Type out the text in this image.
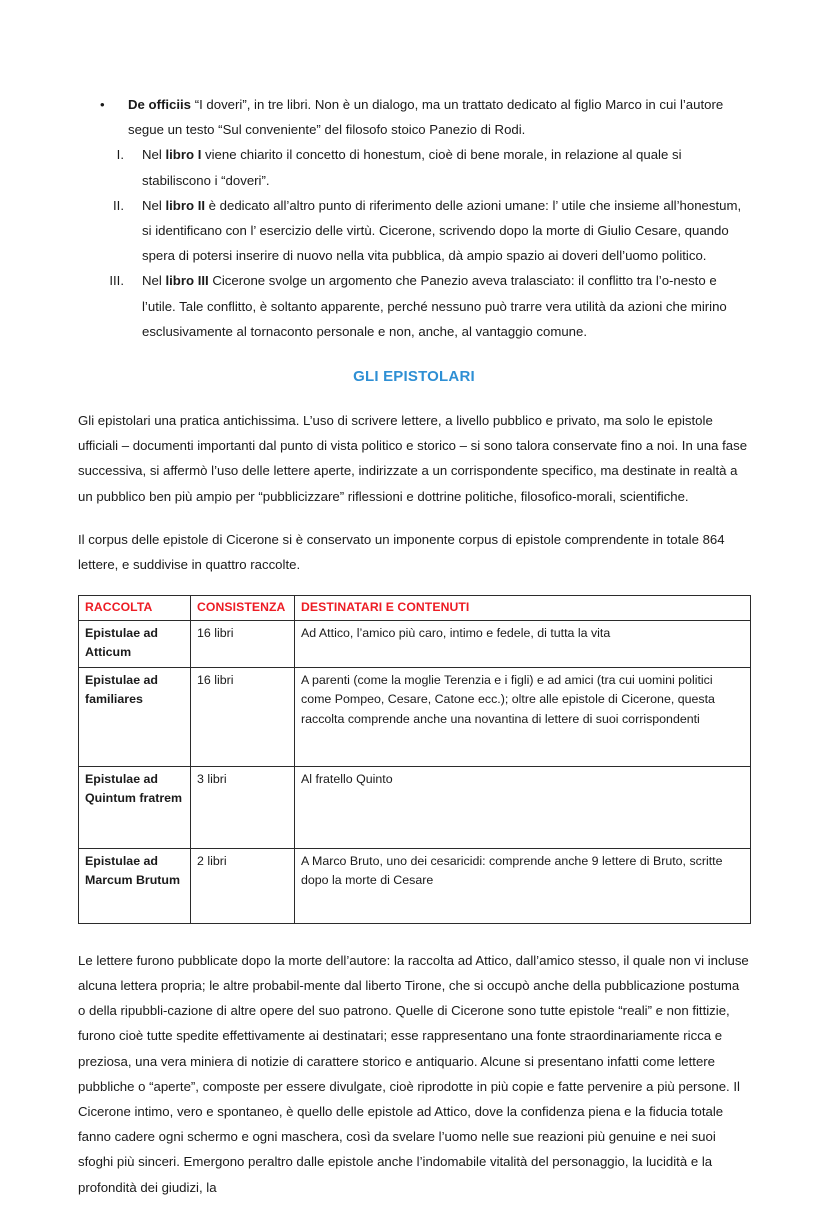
• De officiis “I doveri”, in tre libri. Non è un dialogo, ma un trattato dedicato al figlio Marco in cui l’autore segue un testo “Sul conveniente” del filosofo stoico Panezio di Rodi.
I. Nel libro I viene chiarito il concetto di honestum, cioè di bene morale, in relazione al quale si stabiliscono i “doveri”.
II. Nel libro II è dedicato all’altro punto di riferimento delle azioni umane: l’ utile che insieme all’honestum, si identificano con l’ esercizio delle virtù. Cicerone, scrivendo dopo la morte di Giulio Cesare, quando spera di potersi inserire di nuovo nella vita pubblica, dà ampio spazio ai doveri dell’uomo politico.
III. Nel libro III Cicerone svolge un argomento che Panezio aveva tralasciato: il conflitto tra l’o-nesto e l’utile. Tale conflitto, è soltanto apparente, perché nessuno può trarre vera utilità da azioni che mirino esclusivamente al tornaconto personale e non, anche, al vantaggio comune.
GLI EPISTOLARI

Gli epistolari una pratica antichissima. L’uso di scrivere lettere, a livello pubblico e privato, ma solo le epistole ufficiali – documenti importanti dal punto di vista politico e storico – si sono talora conservate fino a noi. In una fase successiva, si affermò l’uso delle lettere aperte, indirizzate a un corrispondente specifico, ma destinate in realtà a un pubblico ben più ampio per “pubblicizzare” riflessioni e dottrine politiche, filosofico-morali, scientifiche.

Il corpus delle epistole di Cicerone si è conservato un imponente corpus di epistole comprendente in totale 864 lettere, e suddivise in quattro raccolte.

RACCOLTA	CONSISTENZA	DESTINATARI E CONTENUTI
Epistulae ad Atticum	16 libri	Ad Attico, l’amico più caro, intimo e fedele, di tutta la vita
Epistulae ad familiares	16 libri	A parenti (come la moglie Terenzia e i figli) e ad amici (tra cui uomini politici come Pompeo, Cesare, Catone ecc.); oltre alle epistole di Cicerone, questa raccolta comprende anche una novantina di lettere di suoi corrispondenti
Epistulae ad Quintum fratrem	3 libri	Al fratello Quinto
Epistulae ad Marcum Brutum	2 libri	A Marco Bruto, uno dei cesaricidi: comprende anche 9 lettere di Bruto, scritte dopo la morte di Cesare

Le lettere furono pubblicate dopo la morte dell’autore: la raccolta ad Attico, dall’amico stesso, il quale non vi incluse alcuna lettera propria; le altre probabil-mente dal liberto Tirone, che si occupò anche della pubblicazione postuma o della ripubbli-cazione di altre opere del suo patrono. Quelle di Cicerone sono tutte epistole “reali” e non fittizie, furono cioè tutte spedite effettivamente ai destinatari; esse rappresentano una fonte straordinariamente ricca e preziosa, una vera miniera di notizie di carattere storico e antiquario. Alcune si presentano infatti come lettere pubbliche o “aperte”, composte per essere divulgate, cioè riprodotte in più copie e fatte pervenire a più persone. Il Cicerone intimo, vero e spontaneo, è quello delle epistole ad Attico, dove la confidenza piena e la fiducia totale fanno cadere ogni schermo e ogni maschera, così da svelare l’uomo nelle sue reazioni più genuine e nei suoi sfoghi più sinceri. Emergono peraltro dalle epistole anche l’indomabile vitalità del personaggio, la lucidità e la profondità dei giudizi, la
